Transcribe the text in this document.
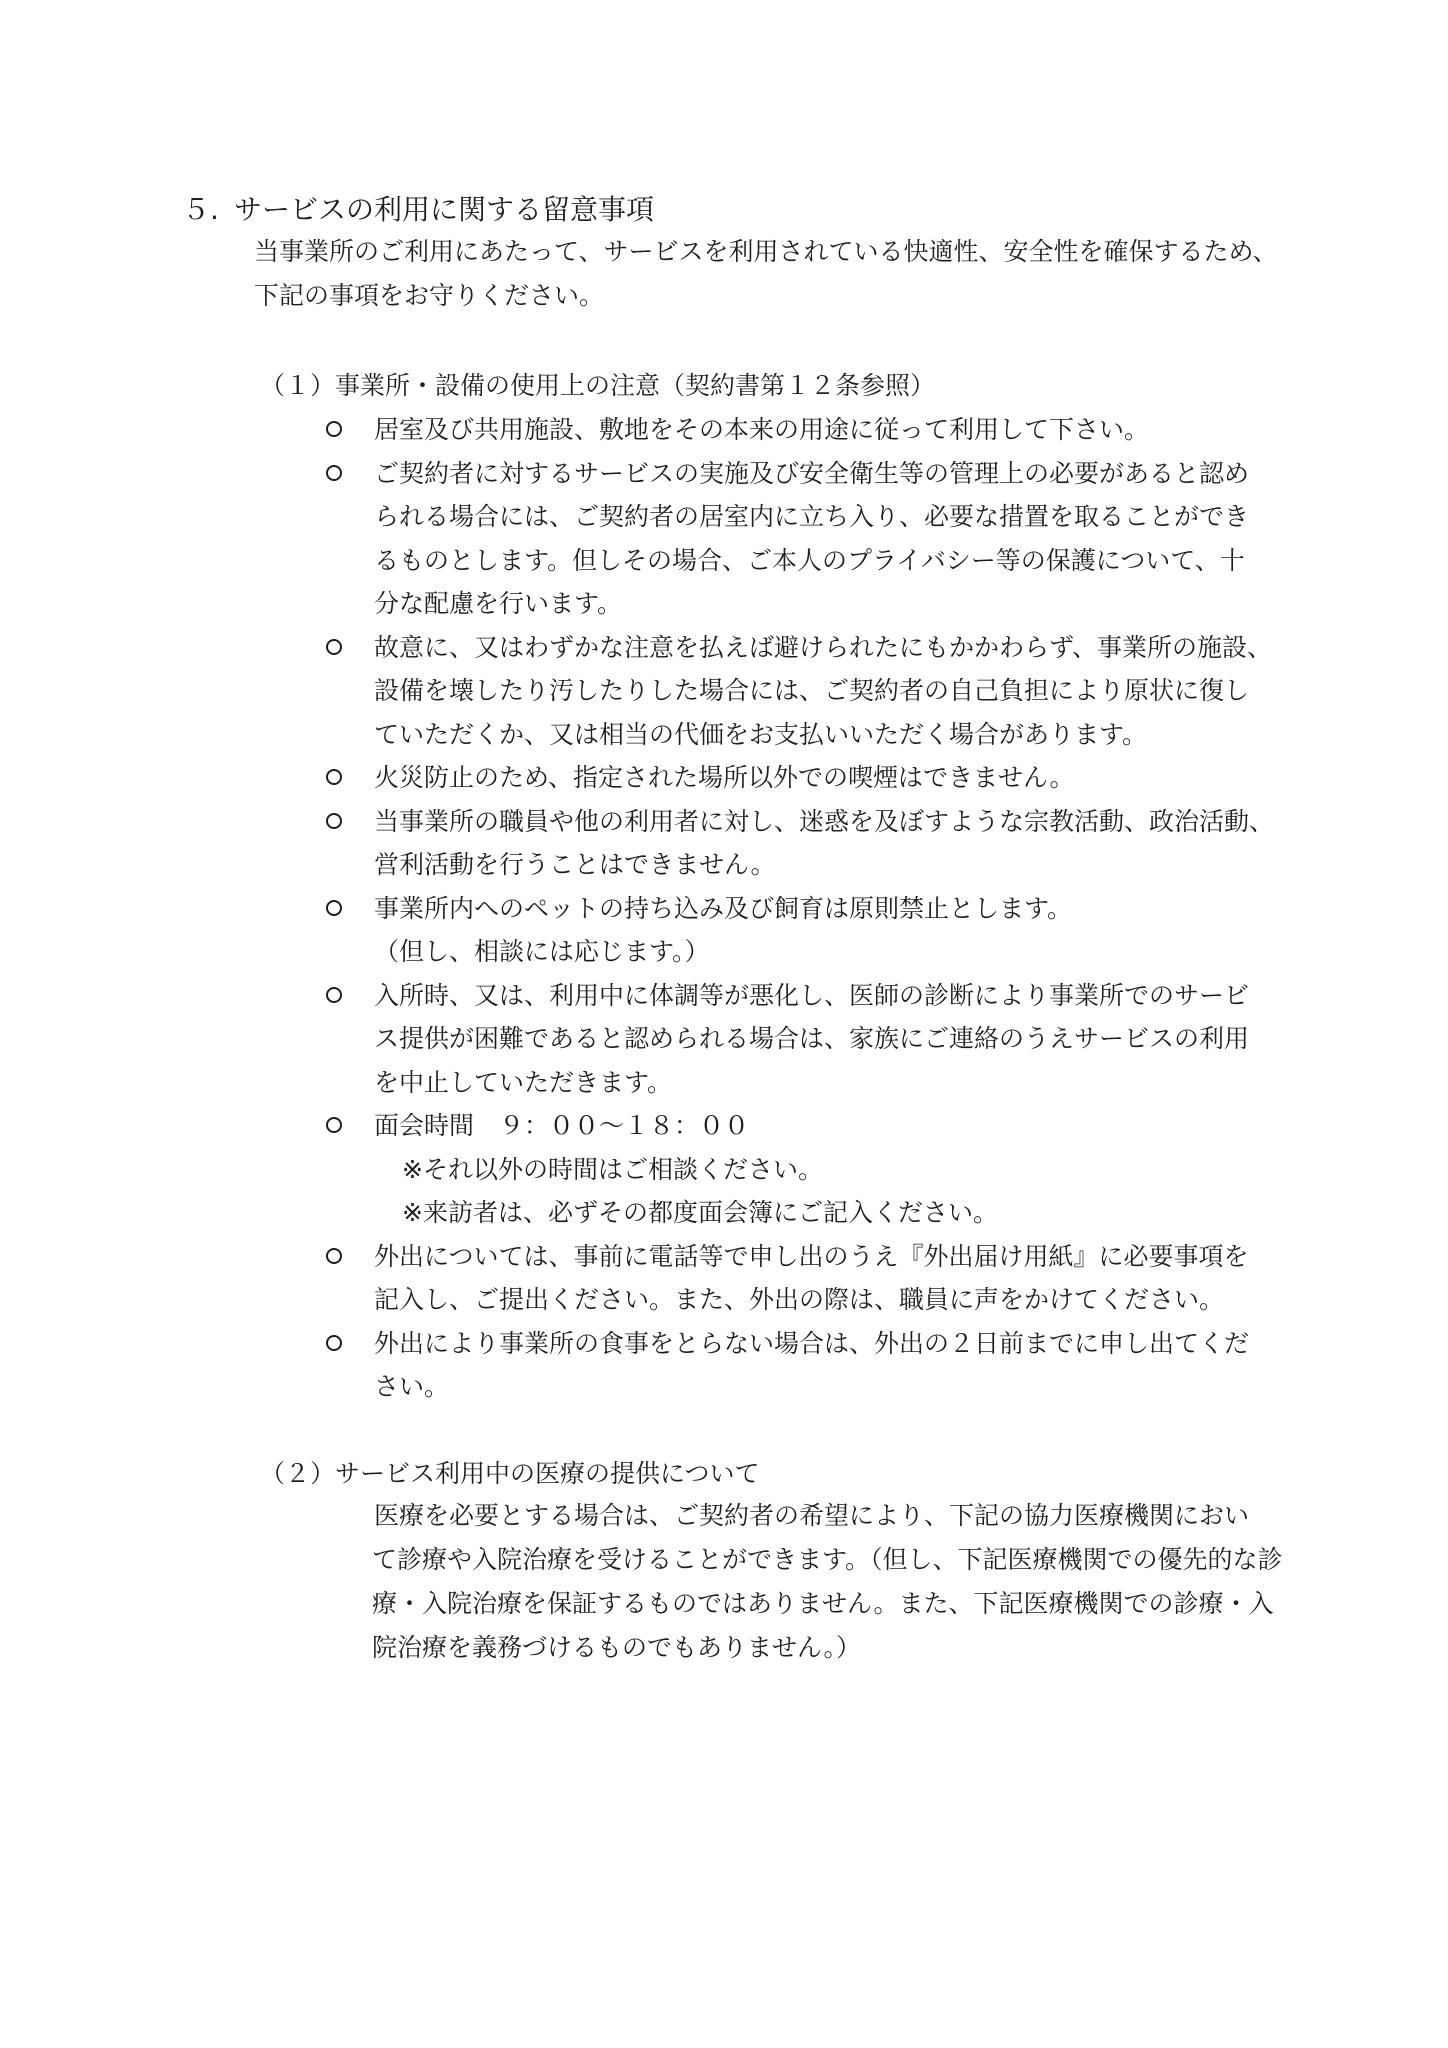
５. サービスの利用に関する留意事項

当事業所のご利用にあたって、サービスを利用されている快適性、安全性を確保するため、

下記の事項をお守りください。

（１）事業所・設備の使用上の注意（契約書第１２条参照）
居室及び共用施設、敷地をその本来の用途に従って利用して下さい。
ご契約者に対するサービスの実施及び安全衛生等の管理上の必要があると認め
られる場合には、ご契約者の居室内に立ち入り、必要な措置を取ることができ
るものとします。但しその場合、ご本人のプライバシー等の保護について、十
分な配慮を行います。
故意に、又はわずかな注意を払えば避けられたにもかかわらず、事業所の施設、
設備を壊したり汚したりした場合には、ご契約者の自己負担により原状に復し
ていただくか、又は相当の代価をお支払いいただく場合があります。
火災防止のため、指定された場所以外での喫煙はできません。
当事業所の職員や他の利用者に対し、迷惑を及ぼすような宗教活動、政治活動、
営利活動を行うことはできません。
事業所内へのペットの持ち込み及び飼育は原則禁止とします。
（但し、相談には応じます。）
入所時、又は、利用中に体調等が悪化し、医師の診断により事業所でのサービ
ス提供が困難であると認められる場合は、家族にご連絡のうえサービスの利用
を中止していただきます。
面会時間　９：００～１８：００
※それ以外の時間はご相談ください。
※来訪者は、必ずその都度面会簿にご記入ください。
外出については、事前に電話等で申し出のうえ『外出届け用紙』に必要事項を
記入し、ご提出ください。また、外出の際は、職員に声をかけてください。
外出により事業所の食事をとらない場合は、外出の２日前までに申し出てくだ
さい。
（２）サービス利用中の医療の提供について
医療を必要とする場合は、ご契約者の希望により、下記の協力医療機関におい
て診療や入院治療を受けることができます。（但し、下記医療機関での優先的な診
療・入院治療を保証するものではありません。また、下記医療機関での診療・入
院治療を義務づけるものでもありません。）
